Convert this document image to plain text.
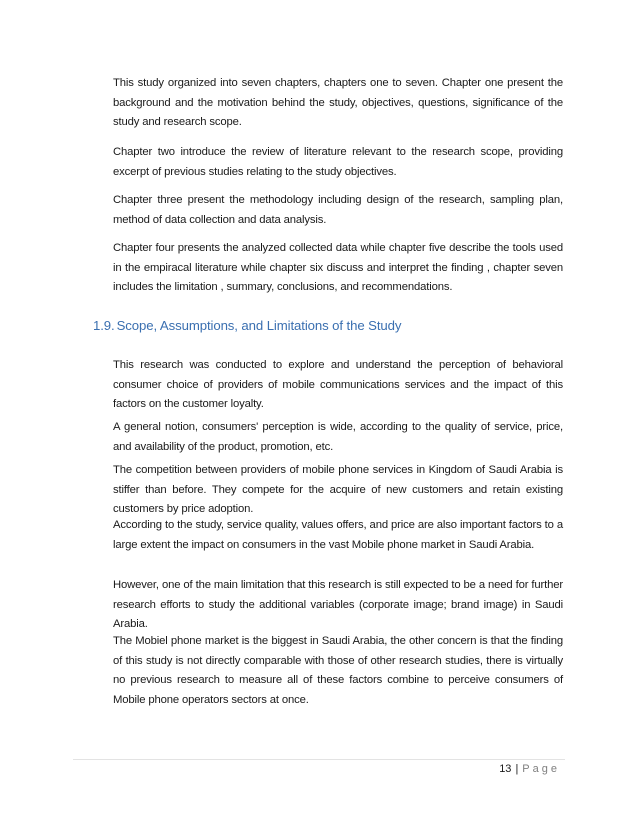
This study organized into seven chapters, chapters one to seven. Chapter one present the background and the motivation behind the study, objectives, questions, significance of the study and research scope.

Chapter two introduce the review of literature relevant to the research scope, providing excerpt of previous studies relating to the study objectives.

Chapter three present the methodology including design of the research, sampling plan, method of data collection and data analysis.

Chapter four presents the analyzed collected data while chapter five describe the tools used in the empiracal literature while chapter six discuss and interpret the finding , chapter seven includes the limitation , summary, conclusions, and recommendations.

1.9. Scope, Assumptions, and Limitations of the Study

This research was conducted to explore and understand the perception of behavioral consumer choice of providers of mobile communications services and the impact of this factors on the customer loyalty.

A general notion, consumers' perception is wide, according to the quality of service, price, and availability of the product, promotion, etc.

The competition between providers of mobile phone services in Kingdom of Saudi Arabia is stiffer than before. They compete for the acquire of new customers and retain existing customers by price adoption.

According to the study, service quality, values offers, and price are also important factors to a large extent the impact on consumers in the vast Mobile phone market in Saudi Arabia.

However, one of the main limitation that this research is still expected to be a need for further research efforts to study the additional variables (corporate image; brand image) in Saudi Arabia.

The Mobiel phone market is the biggest in Saudi Arabia, the other concern is that the finding of this study is not directly comparable with those of other research studies, there is virtually no previous research to measure all of these factors combine to perceive consumers of Mobile phone operators sectors at once.

13 | Page
